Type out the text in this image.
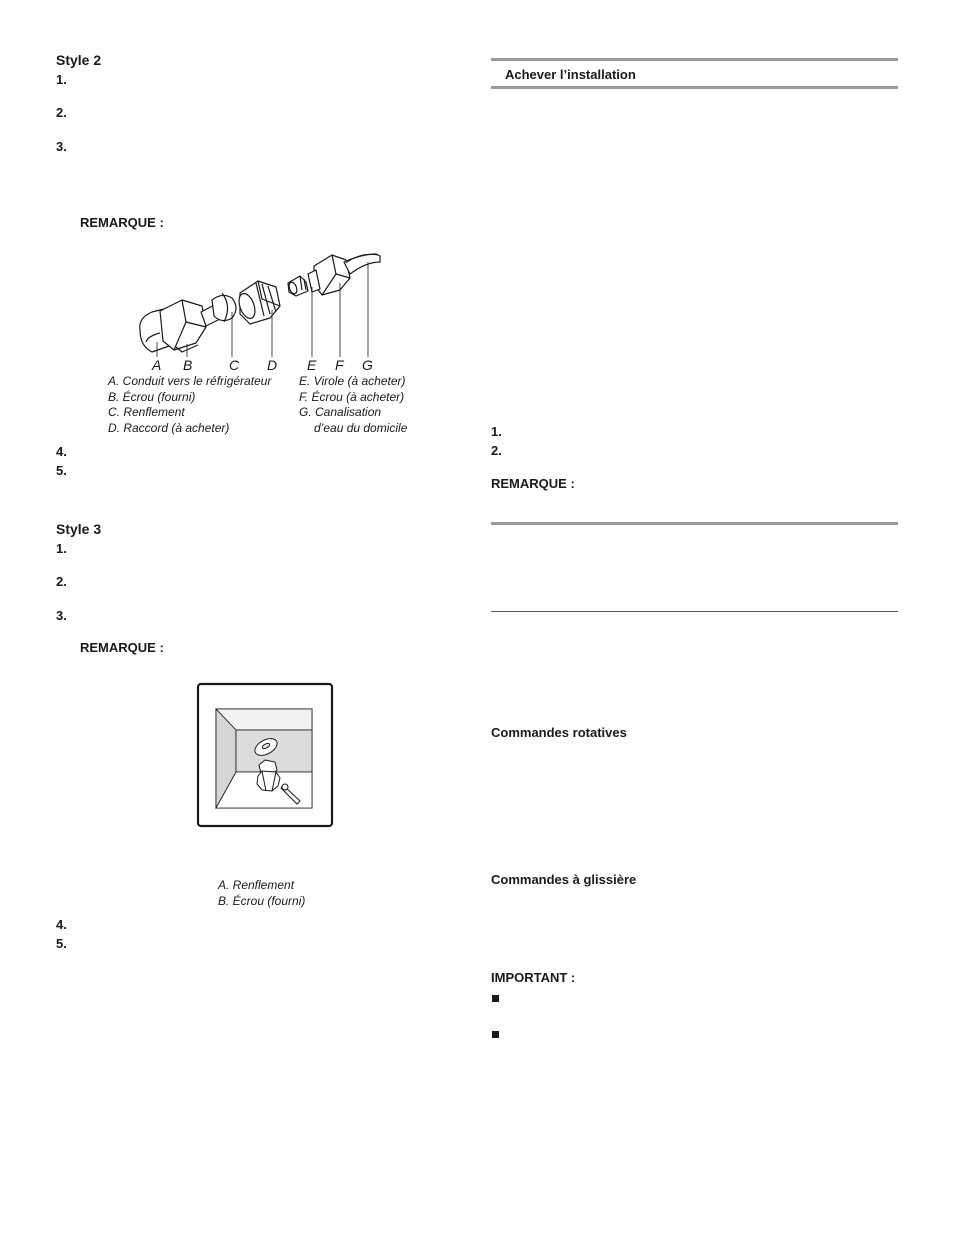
Style 2
1.
2.
3.
REMARQUE :
A B	C D E F G
A. Conduit vers le réfrigérateur
B. Écrou (fourni)
C. Renflement
D. Raccord (à acheter)
E. Virole (à acheter)
F. Écrou (à acheter)
G. Canalisation
d’eau du domicile
4.
5.
Style 3
1.
2.
3.
REMARQUE :
A. Renflement
B. Écrou (fourni)
4.
5.
Achever l’installation
1.
2.
REMARQUE :
Commandes rotatives
Commandes à glissière
IMPORTANT :
